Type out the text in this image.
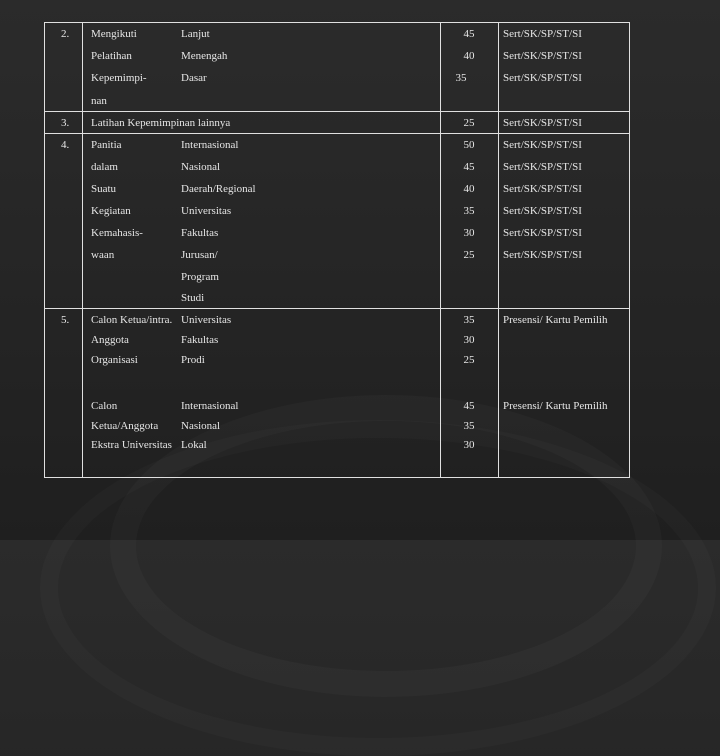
2. Mengikuti
Pelatihan
Kepemimpi-
nan
Lanjut
Menengah
Dasar
45
40
35
Sert/SK/SP/ST/SI
Sert/SK/SP/ST/SI
Sert/SK/SP/ST/SI
3. Latihan Kepemimpinan lainnya	25	Sert/SK/SP/ST/SI
4. Panitia
dalam
Suatu
Kegiatan
Kemahasis-
waan
Internasional
Nasional
Daerah/Regional
Universitas
Fakultas
Jurusan/
Program
Studi
50
45
40
35
30
25
Sert/SK/SP/ST/SI
Sert/SK/SP/ST/SI
Sert/SK/SP/ST/SI
Sert/SK/SP/ST/SI
Sert/SK/SP/ST/SI
Sert/SK/SP/ST/SI
5. Calon Ketua/intra.
Anggota
Organisasi
Universitas
Fakultas
Prodi
35
30
25
Presensi/ Kartu Pemilih
Calon
Ketua/Anggota
Ekstra Universitas
Internasional
Nasional
Lokal
45
35
30
Presensi/ Kartu Pemilih
